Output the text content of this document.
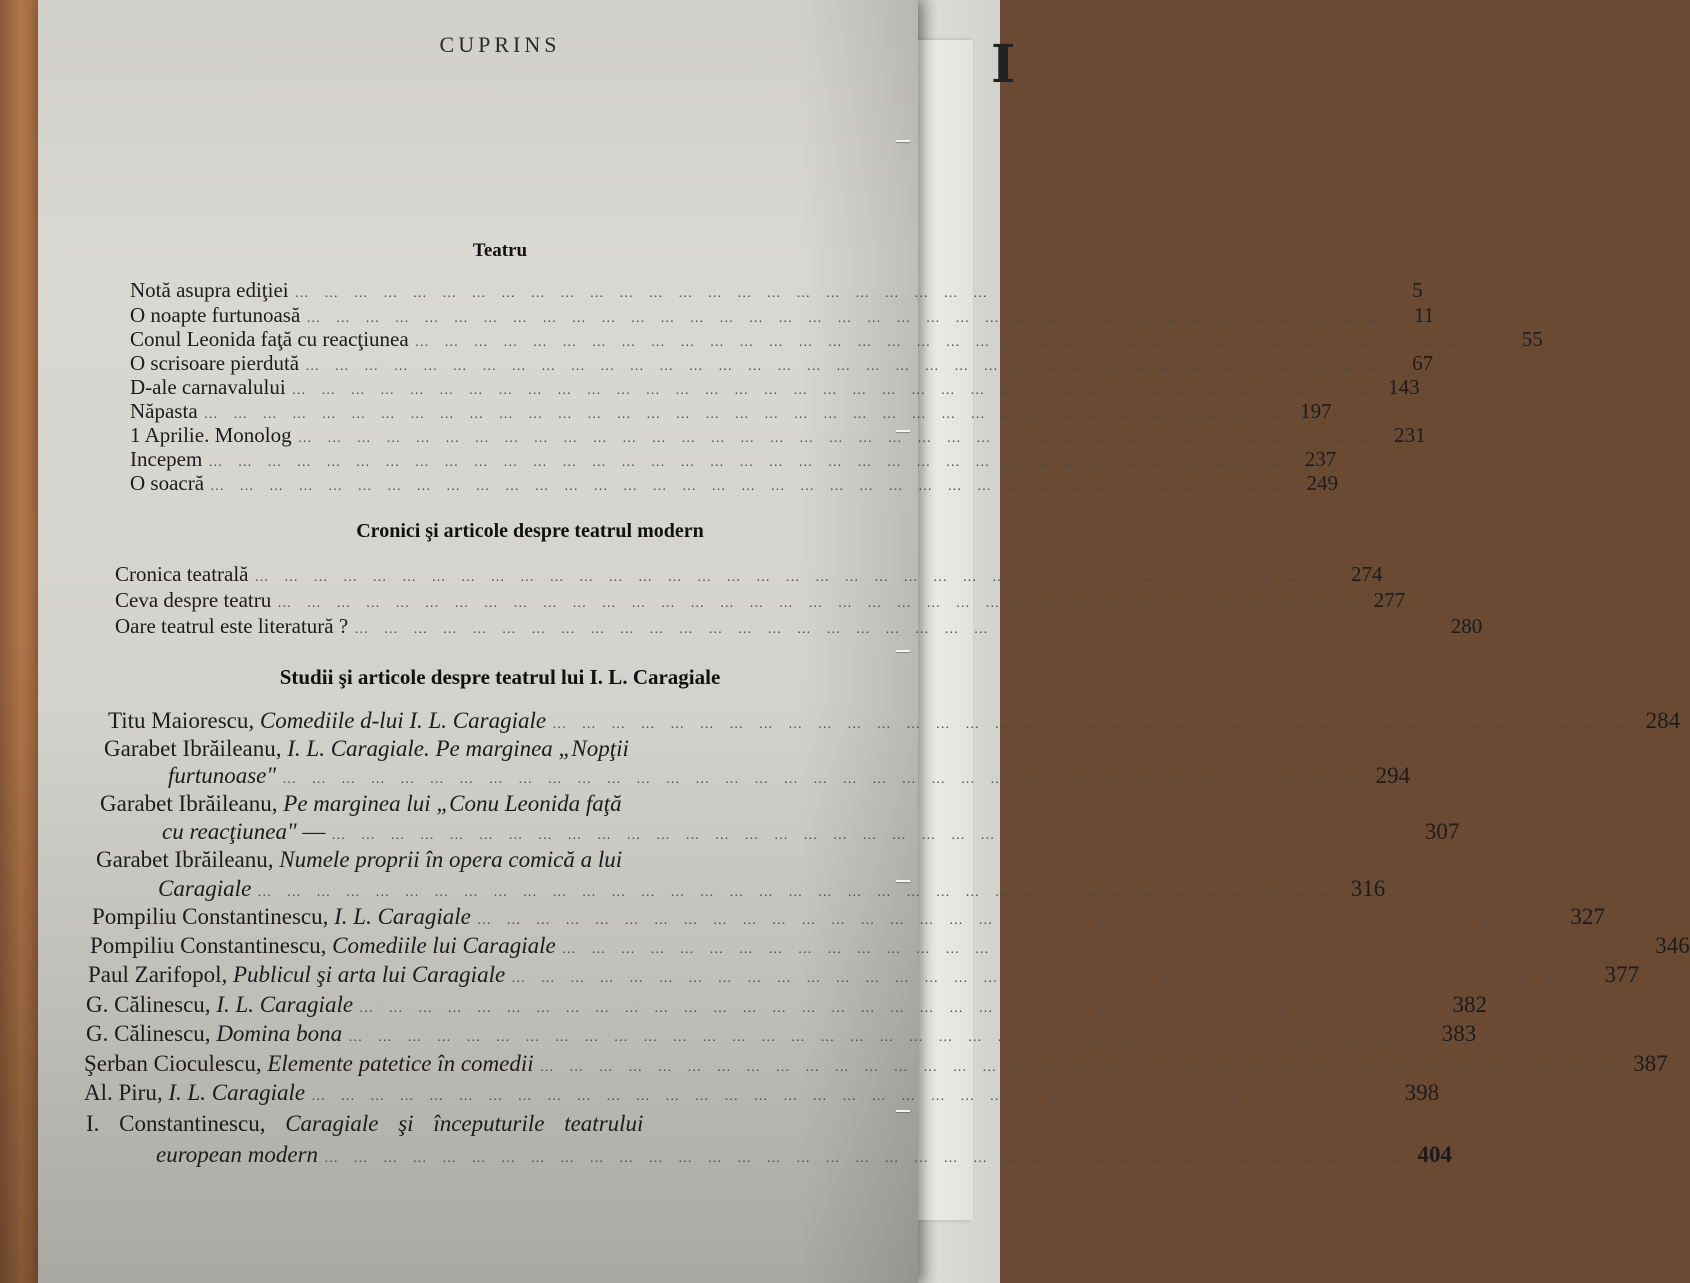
I
CUPRINS
Teatru
Notă asupra ediţiei … … … … … … … … … … … … … … … … … … … … … … … … … … … … … … … … … … … … …	5
O noapte furtunoasă … … … … … … … … … … … … … … … … … … … … … … … … … … … … … … … … … … … … …	11
Conul Leonida faţă cu reacţiunea … … … … … … … … … … … … … … … … … … … … … … … … … … … … … … … … … … … … …	55
O scrisoare pierdută … … … … … … … … … … … … … … … … … … … … … … … … … … … … … … … … … … … … …	67
D-ale carnavalului … … … … … … … … … … … … … … … … … … … … … … … … … … … … … … … … … … … … …	143
Năpasta … … … … … … … … … … … … … … … … … … … … … … … … … … … … … … … … … … … … …	197
1 Aprilie. Monolog … … … … … … … … … … … … … … … … … … … … … … … … … … … … … … … … … … … … …	231
Incepem … … … … … … … … … … … … … … … … … … … … … … … … … … … … … … … … … … … … …	237
O soacră … … … … … … … … … … … … … … … … … … … … … … … … … … … … … … … … … … … … …	249
Cronici şi articole despre teatrul modern
Cronica teatrală … … … … … … … … … … … … … … … … … … … … … … … … … … … … … … … … … … … … …	274
Ceva despre teatru … … … … … … … … … … … … … … … … … … … … … … … … … … … … … … … … … … … … …	277
Oare teatrul este literatură ? … … … … … … … … … … … … … … … … … … … … … … … … … … … … … … … … … … … … …	280
Studii şi articole despre teatrul lui I. L. Caragiale
Titu Maiorescu, Comediile d-lui I. L. Caragiale … … … … … … … … … … … … … … … … … … … … … … … … … … … … … … … … … … … … …	284
Garabet Ibrăileanu, I. L. Caragiale. Pe marginea „Nopţii
furtunoase" … … … … … … … … … … … … … … … … … … … … … … … … … … … … … … … … … … … … …	294
Garabet Ibrăileanu, Pe marginea lui „Conu Leonida faţă
cu reacţiunea" — … … … … … … … … … … … … … … … … … … … … … … … … … … … … … … … … … … … … …	307
Garabet Ibrăileanu, Numele proprii în opera comică a lui
Caragiale … … … … … … … … … … … … … … … … … … … … … … … … … … … … … … … … … … … … …	316
Pompiliu Constantinescu, I. L. Caragiale … … … … … … … … … … … … … … … … … … … … … … … … … … … … … … … … … … … … …	327
Pompiliu Constantinescu, Comediile lui Caragiale … … … … … … … … … … … … … … … … … … … … … … … … … … … … … … … … … … … … …	346
Paul Zarifopol, Publicul şi arta lui Caragiale … … … … … … … … … … … … … … … … … … … … … … … … … … … … … … … … … … … … …	377
G. Călinescu, I. L. Caragiale … … … … … … … … … … … … … … … … … … … … … … … … … … … … … … … … … … … … …	382
G. Călinescu, Domina bona … … … … … … … … … … … … … … … … … … … … … … … … … … … … … … … … … … … … …	383
Şerban Cioculescu, Elemente patetice în comedii … … … … … … … … … … … … … … … … … … … … … … … … … … … … … … … … … … … … …	387
Al. Piru, I. L. Caragiale … … … … … … … … … … … … … … … … … … … … … … … … … … … … … … … … … … … … …	398
I. Constantinescu, Caragiale şi începuturile teatrului
european modern … … … … … … … … … … … … … … … … … … … … … … … … … … … … … … … … … … … … …	404
